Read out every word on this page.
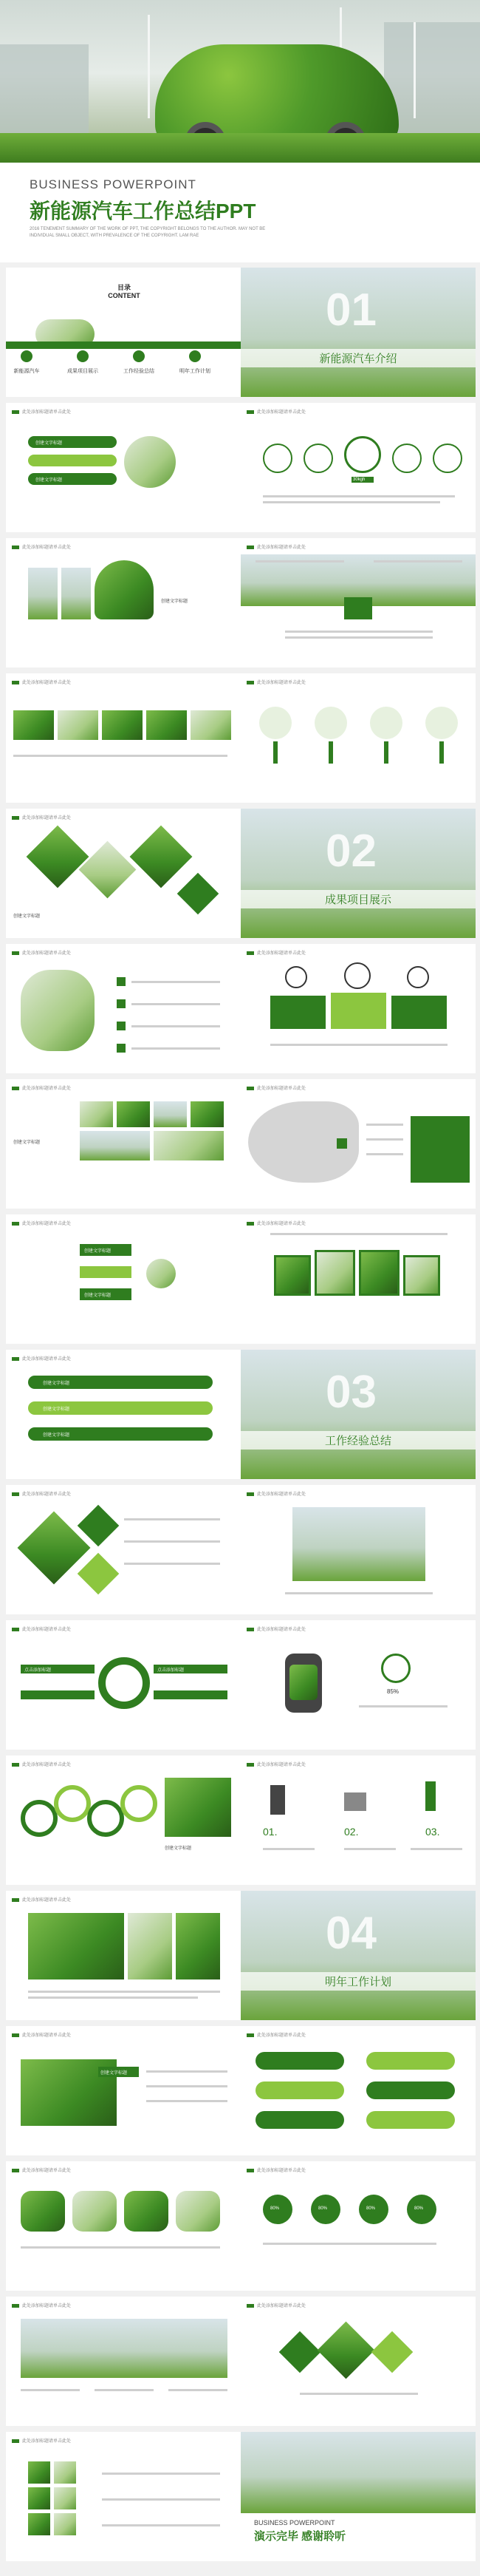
BUSINESS POWERPOINT
新能源汽车工作总结PPT
2016 TENEMENT SUMMARY OF THE WORK OF PPT, THE COPYRIGHT BELONGS TO THE AUTHOR. MAY NOT BE INDIVIDUAL SMALL OBJECT, WITH PREVALENCE OF THE COPYRIGHT. LAM RAE
目录
CONTENT
新能源汽车	成果项目展示	工作经验总结	明年工作计划
01
新能源汽车介绍
此处添加标题请单击此处
创建文字标题
创建文字标题
此处添加标题请单击此处
30kgh
此处添加标题请单击此处
创建文字标题
此处添加标题请单击此处
此处添加标题请单击此处	此处添加标题请单击此处
此处添加标题请单击此处
创建文字标题
02
成果项目展示
此处添加标题请单击此处	此处添加标题请单击此处
此处添加标题请单击此处
创建文字标题
此处添加标题请单击此处
此处添加标题请单击此处
创建文字标题
创建文字标题
此处添加标题请单击此处
此处添加标题请单击此处
创建文字标题
创建文字标题
创建文字标题
03
工作经验总结
此处添加标题请单击此处	此处添加标题请单击此处
此处添加标题请单击此处
点击添加标题	点击添加标题
此处添加标题请单击此处
85%
此处添加标题请单击此处
创建文字标题
此处添加标题请单击此处
01.	02.	03.
此处添加标题请单击此处
04
明年工作计划
此处添加标题请单击此处
创建文字标题
此处添加标题请单击此处
此处添加标题请单击此处	此处添加标题请单击此处
80%	80%	80%	80%
此处添加标题请单击此处	此处添加标题请单击此处
此处添加标题请单击此处
BUSINESS POWERPOINT
演示完毕 感谢聆听
